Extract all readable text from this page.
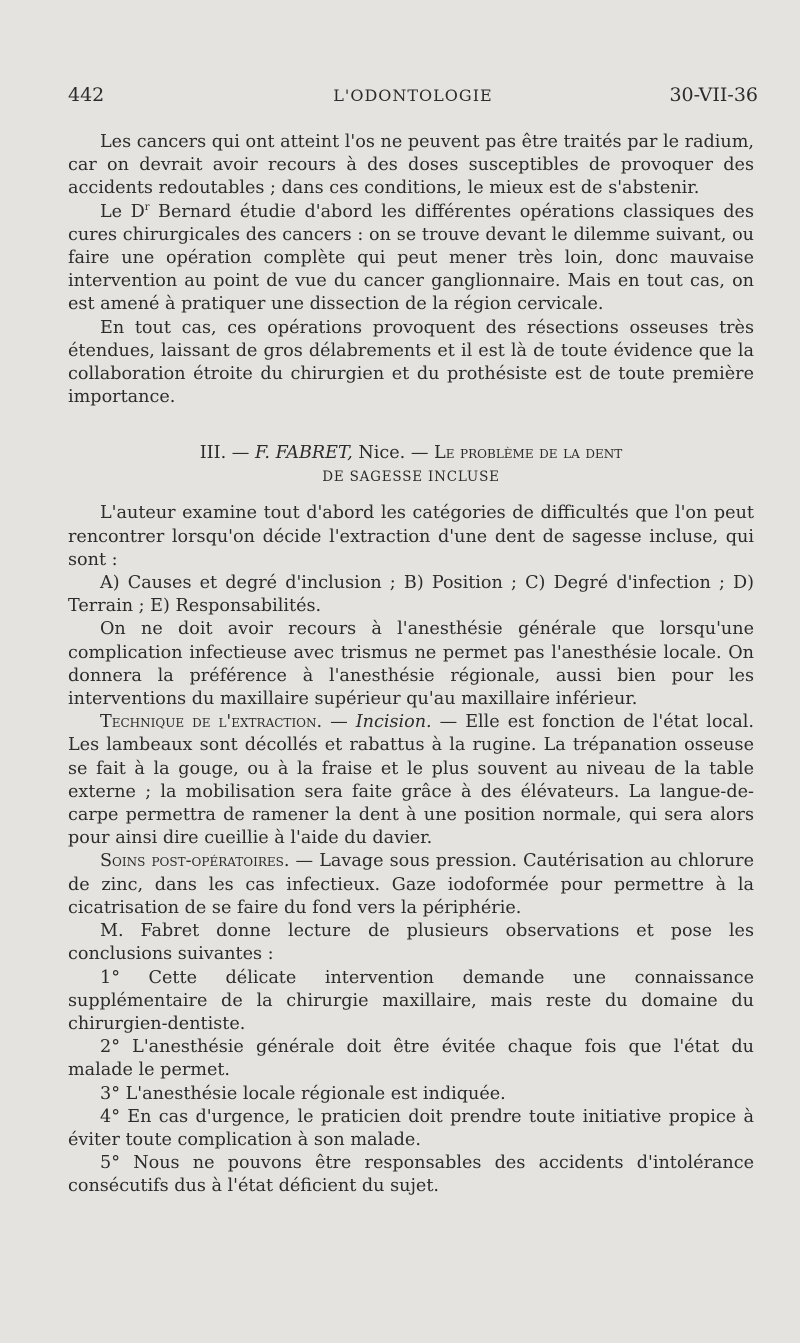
442	L'ODONTOLOGIE	30-VII-36

Les cancers qui ont atteint l'os ne peuvent pas être traités par le radium, car on devrait avoir recours à des doses susceptibles de provoquer des accidents redoutables ; dans ces conditions, le mieux est de s'abstenir.

Le $D^r$ Bernard étudie d'abord les différentes opérations classiques des cures chirurgicales des cancers : on se trouve devant le dilemme suivant, ou faire une opération complète qui peut mener très loin, donc mauvaise intervention au point de vue du cancer ganglionnaire. Mais en tout cas, on est amené à pratiquer une dissection de la région cervicale.

En tout cas, ces opérations provoquent des résections osseuses très étendues, laissant de gros délabrements et il est là de toute évidence que la collaboration étroite du chirurgien et du prothésiste est de toute première importance.

III. — F. FABRET, Nice. — Le problème de la dent
DE SAGESSE INCLUSE

L'auteur examine tout d'abord les catégories de difficultés que l'on peut rencontrer lorsqu'on décide l'extraction d'une dent de sagesse incluse, qui sont :

A) Causes et degré d'inclusion ; B) Position ; C) Degré d'infection ; D) Terrain ; E) Responsabilités.

On ne doit avoir recours à l'anesthésie générale que lorsqu'une complication infectieuse avec trismus ne permet pas l'anesthésie locale. On donnera la préférence à l'anesthésie régionale, aussi bien pour les interventions du maxillaire supérieur qu'au maxillaire inférieur.

Technique de l'extraction. — Incision. — Elle est fonction de l'état local. Les lambeaux sont décollés et rabattus à la rugine. La trépanation osseuse se fait à la gouge, ou à la fraise et le plus souvent au niveau de la table externe ; la mobilisation sera faite grâce à des élévateurs. La langue-de-carpe permettra de ramener la dent à une position normale, qui sera alors pour ainsi dire cueillie à l'aide du davier.

Soins post-opératoires. — Lavage sous pression. Cautérisation au chlorure de zinc, dans les cas infectieux. Gaze iodoformée pour permettre à la cicatrisation de se faire du fond vers la périphérie.

M. Fabret donne lecture de plusieurs observations et pose les conclusions suivantes :

1° Cette délicate intervention demande une connaissance supplémentaire de la chirurgie maxillaire, mais reste du domaine du chirurgien-dentiste.

2° L'anesthésie générale doit être évitée chaque fois que l'état du malade le permet.

3° L'anesthésie locale régionale est indiquée.

4° En cas d'urgence, le praticien doit prendre toute initiative propice à éviter toute complication à son malade.

5° Nous ne pouvons être responsables des accidents d'intolérance consécutifs dus à l'état déficient du sujet.
